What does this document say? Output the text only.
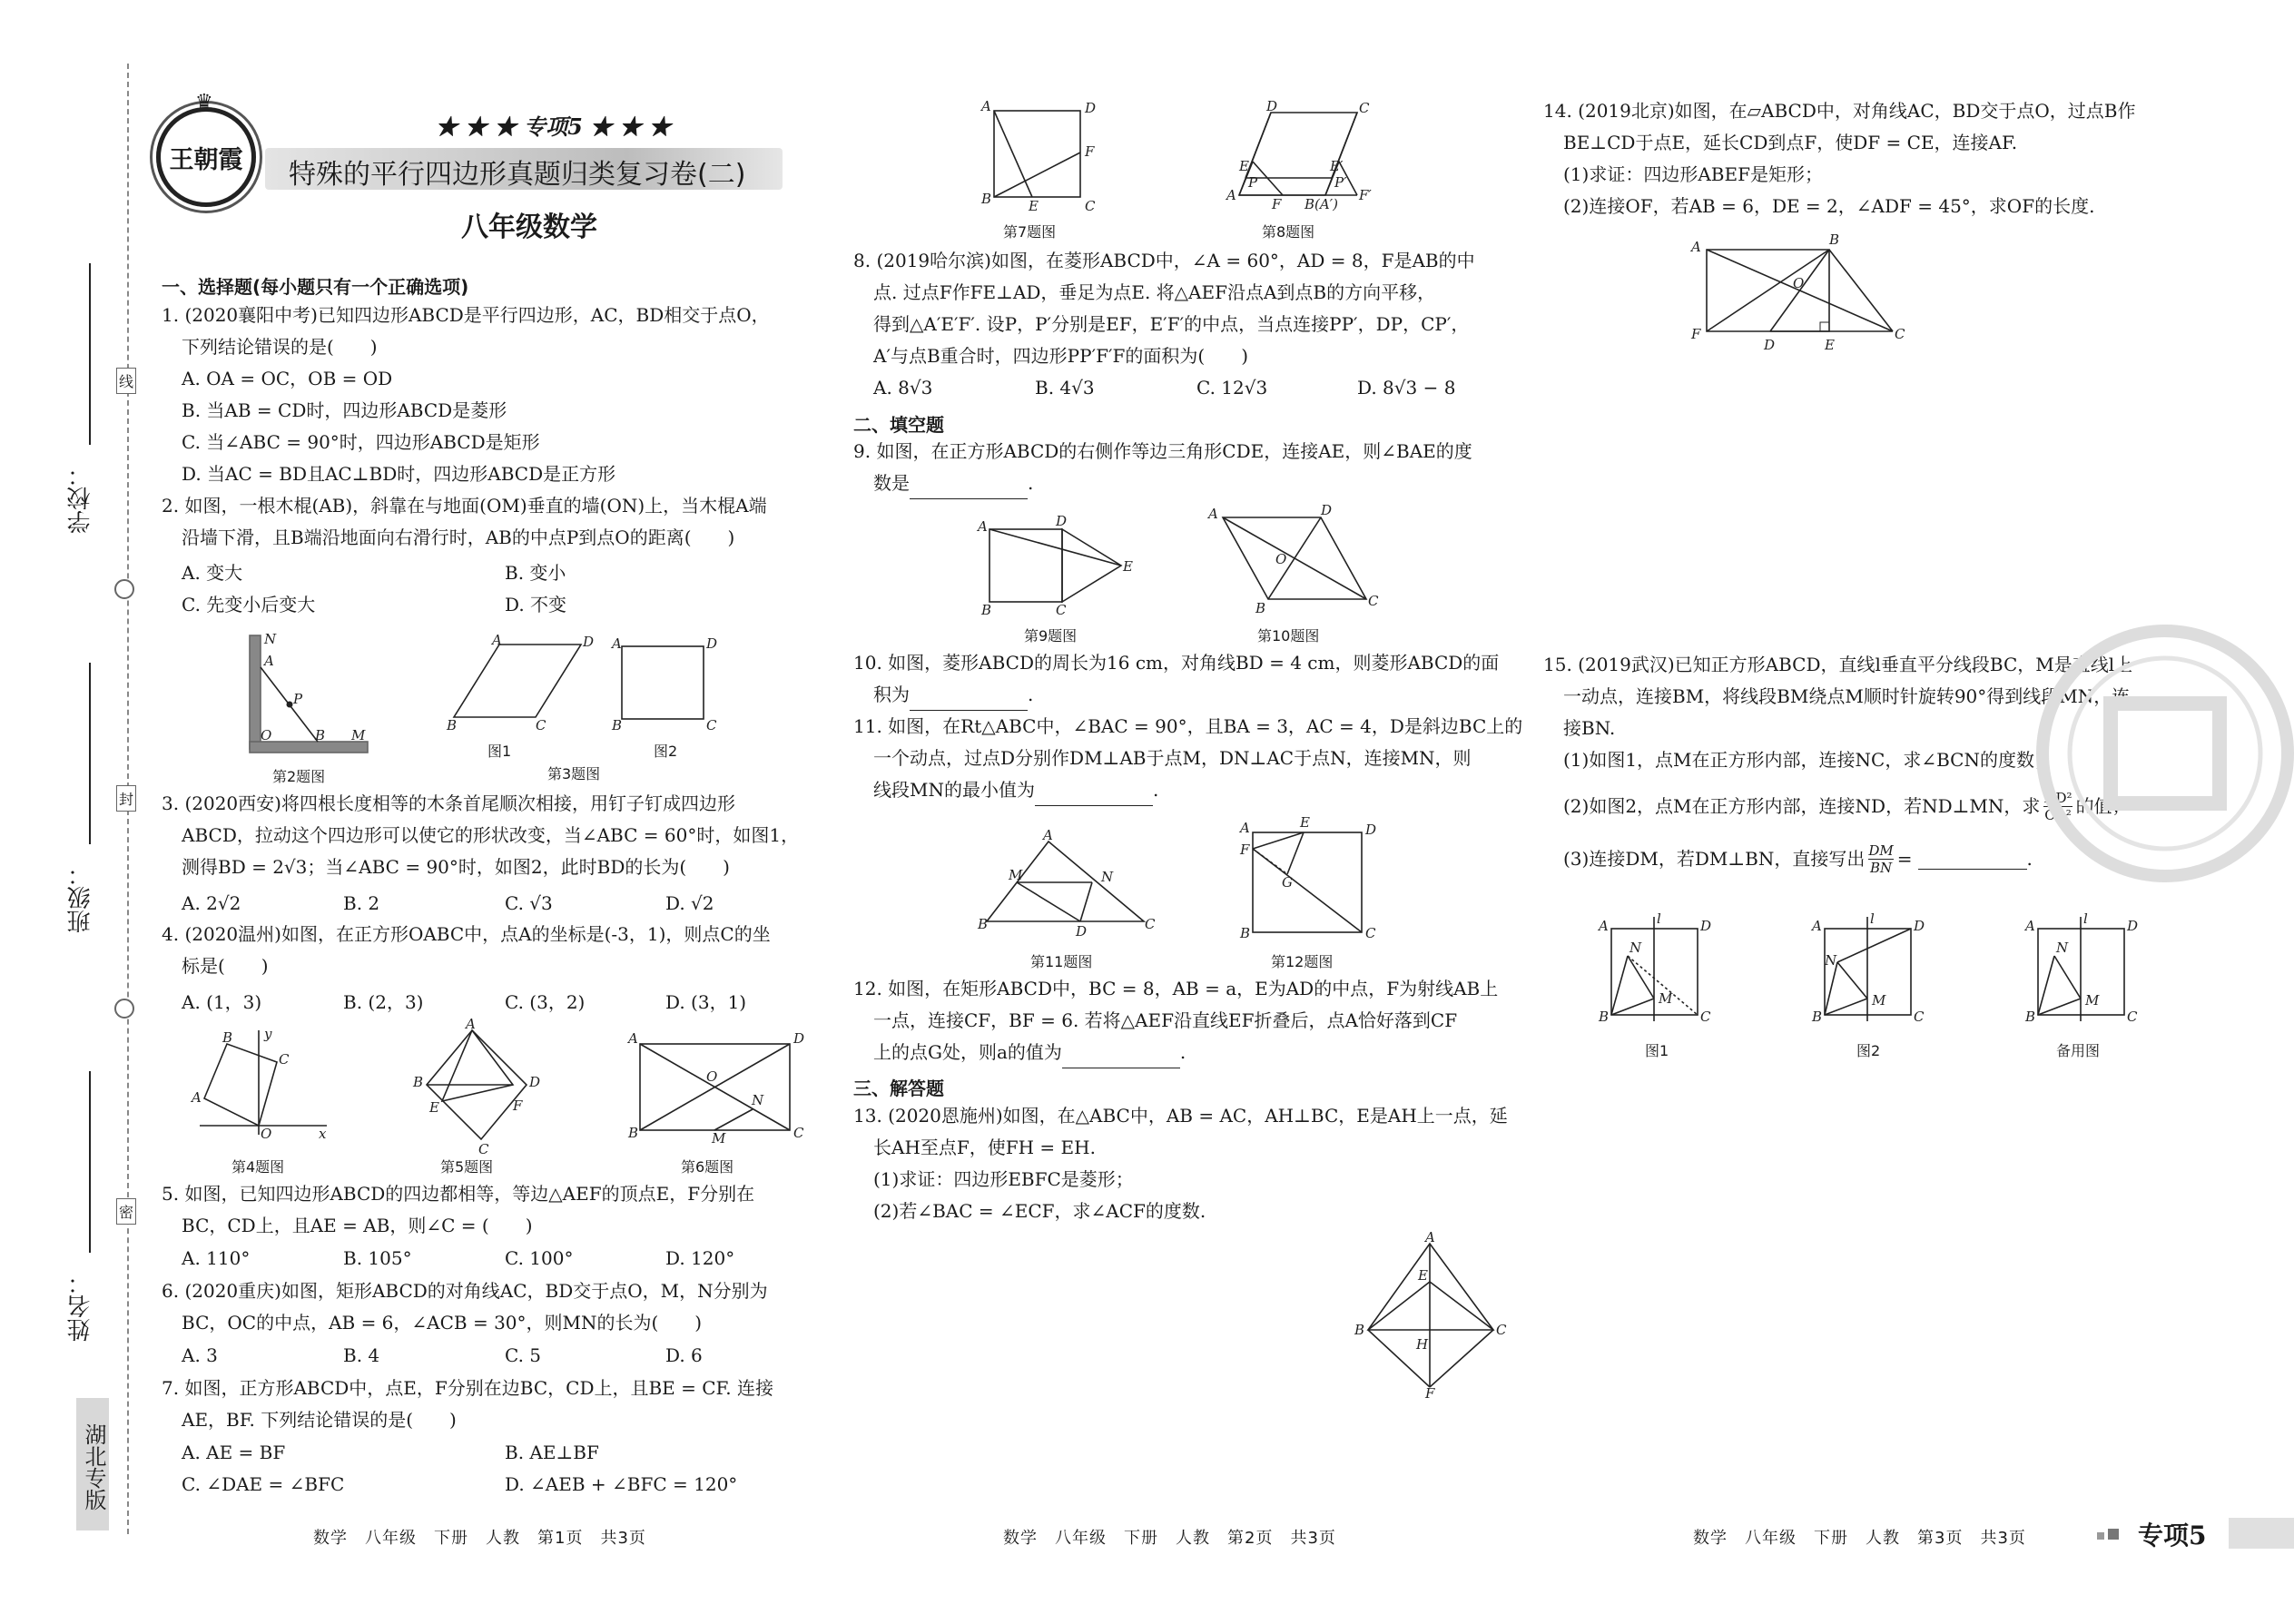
学校：
班级：
姓名：
线
封
密
湖北专版
王朝霞
♛
★ ★ ★ 专项5 ★ ★ ★
特殊的平行四边形真题归类复习卷(二)
八年级数学
一、选择题(每小题只有一个正确选项)
1. (2020襄阳中考)已知四边形ABCD是平行四边形，AC，BD相交于点O，
下列结论错误的是(　　)
A. OA = OC，OB = OD
B. 当AB = CD时，四边形ABCD是菱形
C. 当∠ABC = 90°时，四边形ABCD是矩形
D. 当AC = BD且AC⊥BD时，四边形ABCD是正方形
2. 如图，一根木棍(AB)，斜靠在与地面(OM)垂直的墙(ON)上，当木棍A端
沿墙下滑，且B端沿地面向右滑行时，AB的中点P到点O的距离(　　)
A. 变大	B. 变小
C. 先变小后变大	D. 不变
N
A
P
O	B M
第2题图
A	D
B	C
A	D
B	C
图1	图2
第3题图
3. (2020西安)将四根长度相等的木条首尾顺次相接，用钉子钉成四边形
ABCD，拉动这个四边形可以使它的形状改变，当∠ABC = 60°时，如图1，
测得BD = 2√3；当∠ABC = 90°时，如图2，此时BD的长为(　　)
A. 2√2	B. 2	C. √3	D. √2
4. (2020温州)如图，在正方形OABC中，点A的坐标是(-3，1)，则点C的坐
标是(　　)
A. (1，3)	B. (2，3)	C. (3，2)	D. (3，1)
B y
C
A
O	x
第4题图
A
D
B
C
E	F
第5题图
A	D
O
N
B	M	C
第6题图
5. 如图，已知四边形ABCD的四边都相等，等边△AEF的顶点E，F分别在
BC，CD上，且AE = AB，则∠C = (　　)
A. 110°	B. 105°	C. 100°	D. 120°
6. (2020重庆)如图，矩形ABCD的对角线AC，BD交于点O，M，N分别为
BC，OC的中点，AB = 6，∠ACB = 30°，则MN的长为(　　)
A. 3	B. 4	C. 5	D. 6
7. 如图，正方形ABCD中，点E，F分别在边BC，CD上，且BE = CF. 连接
AE，BF. 下列结论错误的是(　　)
A. AE = BF	B. AE⊥BF
C. ∠DAE = ∠BFC	D. ∠AEB + ∠BFC = 120°
数学　八年级　下册　人教　第1页　共3页
A	D
F
B	E	C
第7题图
D	C
E	E′
P	P′
A
F B(A′)
F′
第8题图
8. (2019哈尔滨)如图，在菱形ABCD中，∠A = 60°，AD = 8，F是AB的中
点. 过点F作FE⊥AD，垂足为点E. 将△AEF沿点A到点B的方向平移，
得到△A′E′F′. 设P，P′分别是EF，E′F′的中点，当点连接PP′，DP，CP′，
A′与点B重合时，四边形PP′F′F的面积为(　　)
A. 8√3	B. 4√3	C. 12√3	D. 8√3 − 8
二、填空题
9. 如图，在正方形ABCD的右侧作等边三角形CDE，连接AE，则∠BAE的度
数是	.
A	D
E
B	C
第9题图
A	D
O
B	C
第10题图
10. 如图，菱形ABCD的周长为16 cm，对角线BD = 4 cm，则菱形ABCD的面
积为	.
11. 如图，在Rt△ABC中，∠BAC = 90°，且BA = 3，AC = 4，D是斜边BC上的
一个动点，过点D分别作DM⊥AB于点M，DN⊥AC于点N，连接MN，则
线段MN的最小值为	.
A
M	N
B	D	C
第11题图
A	E	D
F
G
B	C
第12题图
12. 如图，在矩形ABCD中，BC = 8，AB = a，E为AD的中点，F为射线AB上
一点，连接CF，BF = 6. 若将△AEF沿直线EF折叠后，点A恰好落到CF
上的点G处，则a的值为	.
三、解答题
13. (2020恩施州)如图，在△ABC中，AB = AC，AH⊥BC，E是AH上一点，延
长AH至点F，使FH = EH.
(1)求证：四边形EBFC是菱形；
(2)若∠BAC = ∠ECF，求∠ACF的度数.
A
E
B
H
C
F
数学　八年级　下册　人教　第2页　共3页
14. (2019北京)如图，在▱ABCD中，对角线AC，BD交于点O，过点B作
BE⊥CD于点E，延长CD到点F，使DF = CE，连接AF.
(1)求证：四边形ABEF是矩形；
(2)连接OF，若AB = 6，DE = 2，∠ADF = 45°，求OF的长度.
A	B
O
F
D	E
C
15. (2019武汉)已知正方形ABCD，直线l垂直平分线段BC，M是直线l上
一动点，连接BM，将线段BM绕点M顺时针旋转90°得到线段MN，连
接BN.
(1)如图1，点M在正方形内部，连接NC，求∠BCN的度数；
(2)如图2，点M在正方形内部，连接ND，若ND⊥MN，求 ND²
CD² 的值；
(3)连接DM，若DM⊥BN，直接写出 $\frac{DM}{BN}$ =	.
A	D
l
N
M
B	C
图1
A	D
l
N
M
B	C
图2
A	D
l
N
M
B	C
备用图
数学　八年级　下册　人教　第3页　共3页	专项5
